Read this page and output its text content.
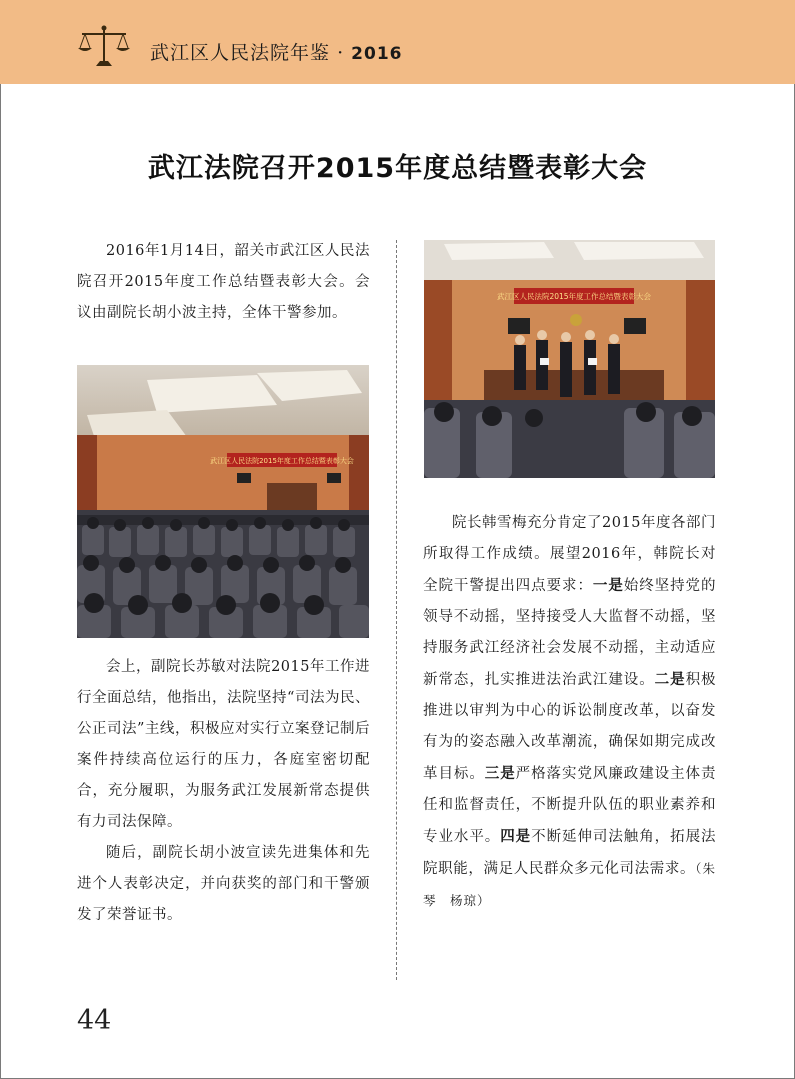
武江区人民法院年鉴 · 2016
武江法院召开2015年度总结暨表彰大会

2016年1月14日，韶关市武江区人民法院召开2015年度工作总结暨表彰大会。会议由副院长胡小波主持，全体干警参加。

武江区人民法院2015年度工作总结暨表彰大会

会上，副院长苏敏对法院2015年工作进行全面总结，他指出，法院坚持“司法为民、公正司法”主线，积极应对实行立案登记制后案件持续高位运行的压力，各庭室密切配合，充分履职，为服务武江发展新常态提供有力司法保障。

随后，副院长胡小波宣读先进集体和先进个人表彰决定，并向获奖的部门和干警颁发了荣誉证书。

武江区人民法院2015年度工作总结暨表彰大会

院长韩雪梅充分肯定了2015年度各部门所取得工作成绩。展望2016年，韩院长对全院干警提出四点要求：一是始终坚持党的领导不动摇，坚持接受人大监督不动摇，坚持服务武江经济社会发展不动摇，主动适应新常态，扎实推进法治武江建设。二是积极推进以审判为中心的诉讼制度改革，以奋发有为的姿态融入改革潮流，确保如期完成改革目标。三是严格落实党风廉政建设主体责任和监督责任，不断提升队伍的职业素养和专业水平。四是不断延伸司法触角，拓展法院职能，满足人民群众多元化司法需求。（朱琴　杨琼）

44
